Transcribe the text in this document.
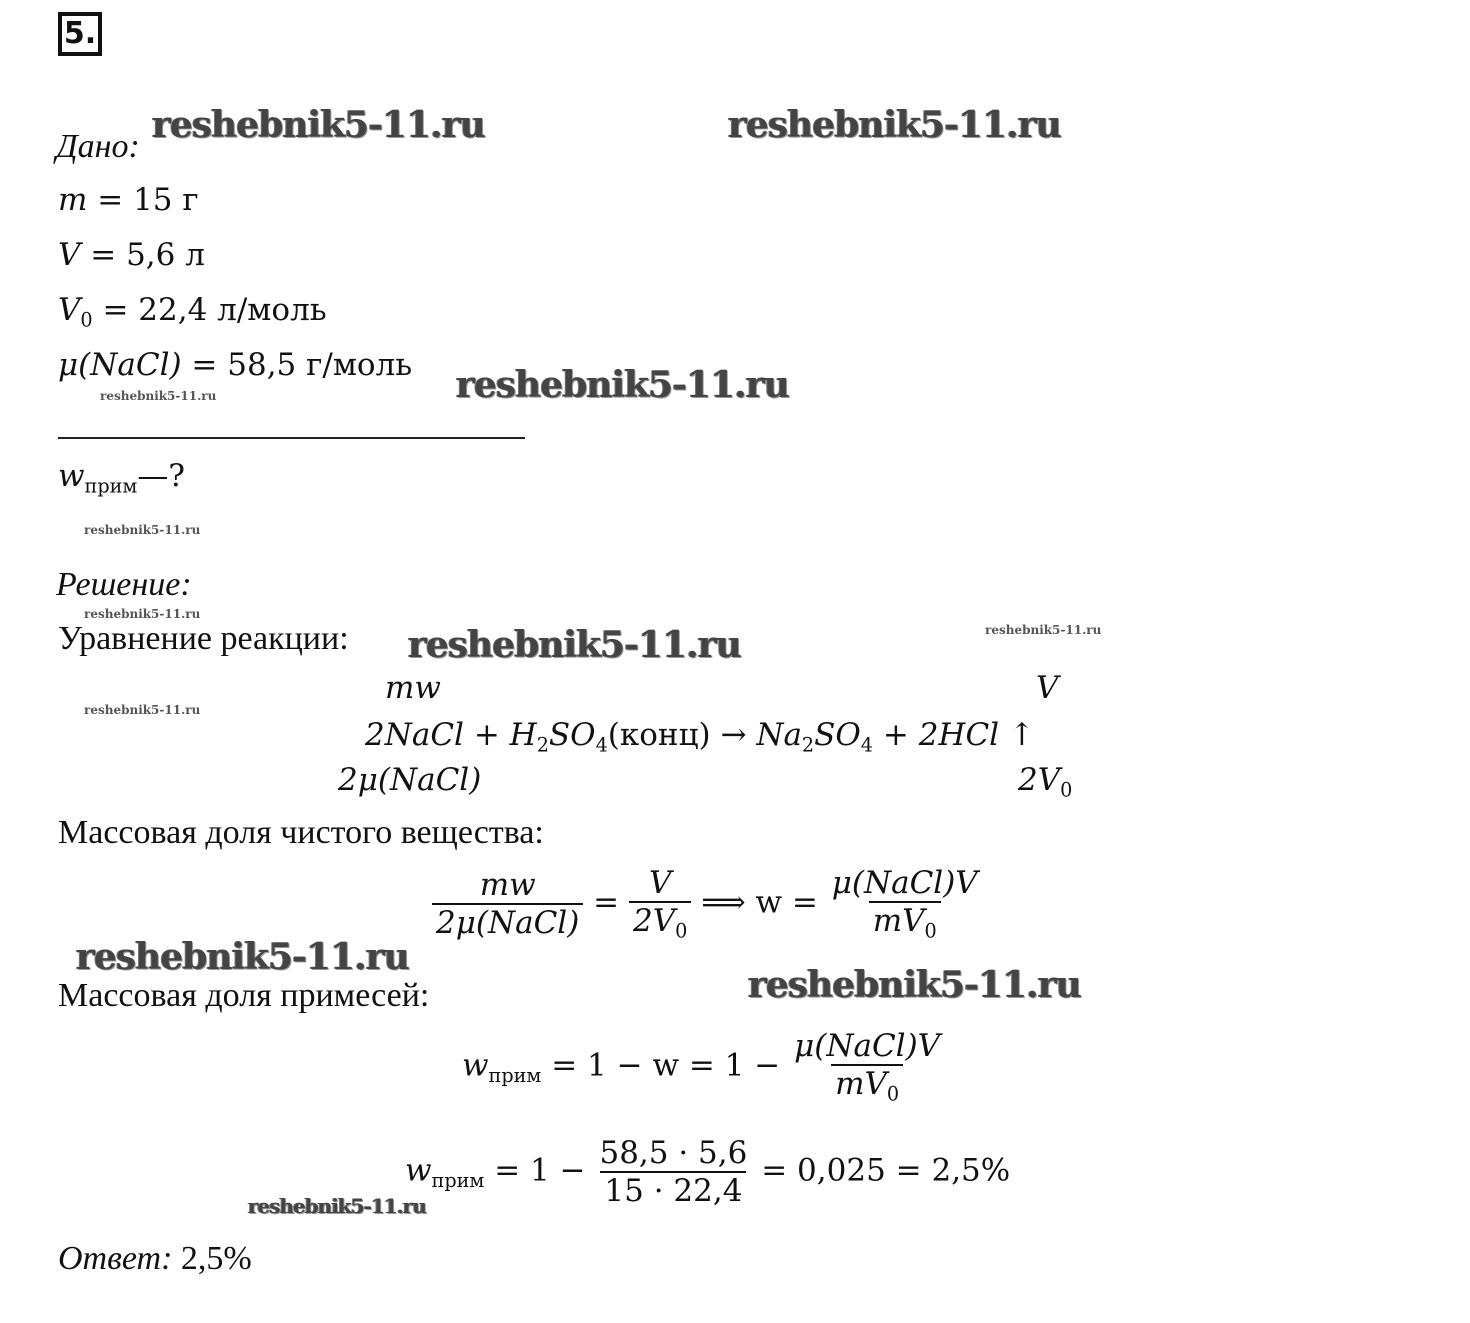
5.
Дано:
m = 15 г
V = 5,6 л
$V_0 = 22,4$ л/моль
μ(NaCl) = 58,5 г/моль
$w_{прим}—$?
Решение:
Уравнение реакции:
mw	V
2NaCl + $H_2SO_4(конц) \to Na_2SO_4 + 2HCl$ ↑
2μ(NaCl)	$2V_0$
Массовая доля чистого вещества:
$\frac{mw}{\text{2μ(NaCl)}} = \frac{V}{2V_0}$ ⟹ $w = \frac{\text{μ(NaCl)V}}{mV_0}$
Массовая доля примесей:
$w_{прим} = 1 - w = 1 - \frac{\text{μ(NaCl)V}}{mV_0}$
$w_{прим} = 1 - \frac{58,5 \cdot 5,6}{15 \cdot 22,4} = 0,025 = 2,5\%$
Ответ: 2,5%
reshebnik5-11.ru	reshebnik5-11.ru
reshebnik5-11.ru
reshebnik5-11.ru
reshebnik5-11.ru
reshebnik5-11.ru
reshebnik5-11.ru
reshebnik5-11.ru
reshebnik5-11.ru
reshebnik5-11.ru
reshebnik5-11.ru
reshebnik5-11.ru
